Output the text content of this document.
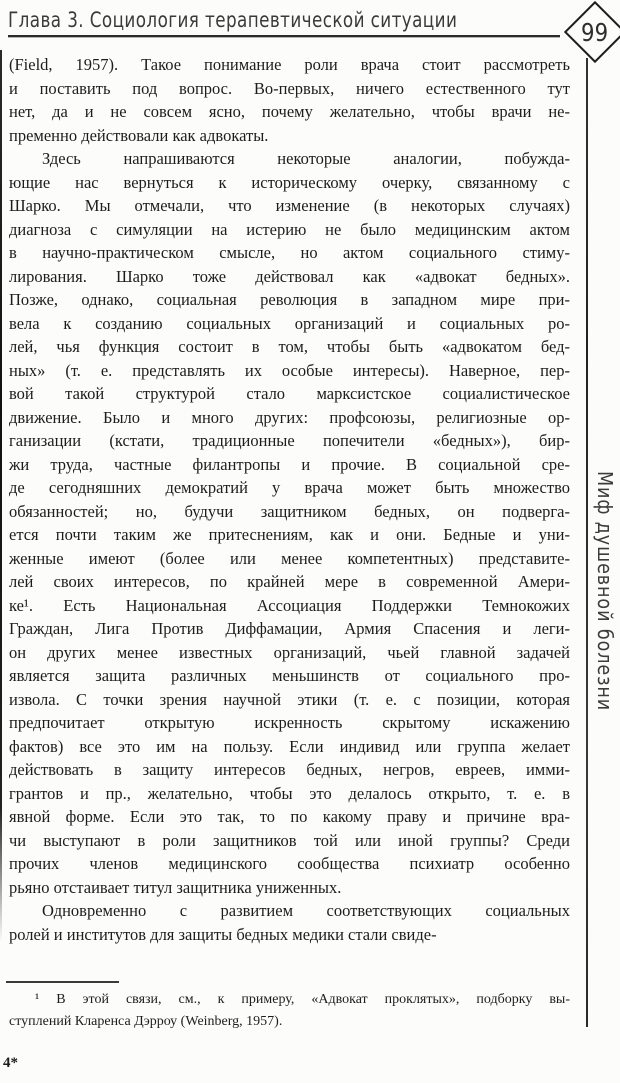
Глава 3. Социология терапевтической ситуации	99
Миф душевной болезни
(Field, 1957). Такое понимание роли врача стоит рассмотреть
и поставить под вопрос. Во-первых, ничего естественного тут
нет, да и не совсем ясно, почему желательно, чтобы врачи не-
пременно действовали как адвокаты.
Здесь напрашиваются некоторые аналогии, побужда-
ющие нас вернуться к историческому очерку, связанному с
Шарко. Мы отмечали, что изменение (в некоторых случаях)
диагноза с симуляции на истерию не было медицинским актом
в научно-практическом смысле, но актом социального стиму-
лирования. Шарко тоже действовал как «адвокат бедных».
Позже, однако, социальная революция в западном мире при-
вела к созданию социальных организаций и социальных ро-
лей, чья функция состоит в том, чтобы быть «адвокатом бед-
ных» (т. е. представлять их особые интересы). Наверное, пер-
вой такой структурой стало марксистское социалистическое
движение. Было и много других: профсоюзы, религиозные ор-
ганизации (кстати, традиционные попечители «бедных»), бир-
жи труда, частные филантропы и прочие. В социальной сре-
де сегодняшних демократий у врача может быть множество
обязанностей; но, будучи защитником бедных, он подверга-
ется почти таким же притеснениям, как и они. Бедные и уни-
женные имеют (более или менее компетентных) представите-
лей своих интересов, по крайней мере в современной Амери-
ке¹. Есть Национальная Ассоциация Поддержки Темнокожих
Граждан, Лига Против Диффамации, Армия Спасения и леги-
он других менее известных организаций, чьей главной задачей
является защита различных меньшинств от социального про-
извола. С точки зрения научной этики (т. е. с позиции, которая
предпочитает открытую искренность скрытому искажению
фактов) все это им на пользу. Если индивид или группа желает
действовать в защиту интересов бедных, негров, евреев, имми-
грантов и пр., желательно, чтобы это делалось открыто, т. е. в
явной форме. Если это так, то по какому праву и причине вра-
чи выступают в роли защитников той или иной группы? Среди
прочих членов медицинского сообщества психиатр особенно
рьяно отстаивает титул защитника униженных.
Одновременно с развитием соответствующих социальных
ролей и институтов для защиты бедных медики стали свиде-
¹ В этой связи, см., к примеру, «Адвокат проклятых», подборку вы-
ступлений Кларенса Дэрроу (Weinberg, 1957).
4*
